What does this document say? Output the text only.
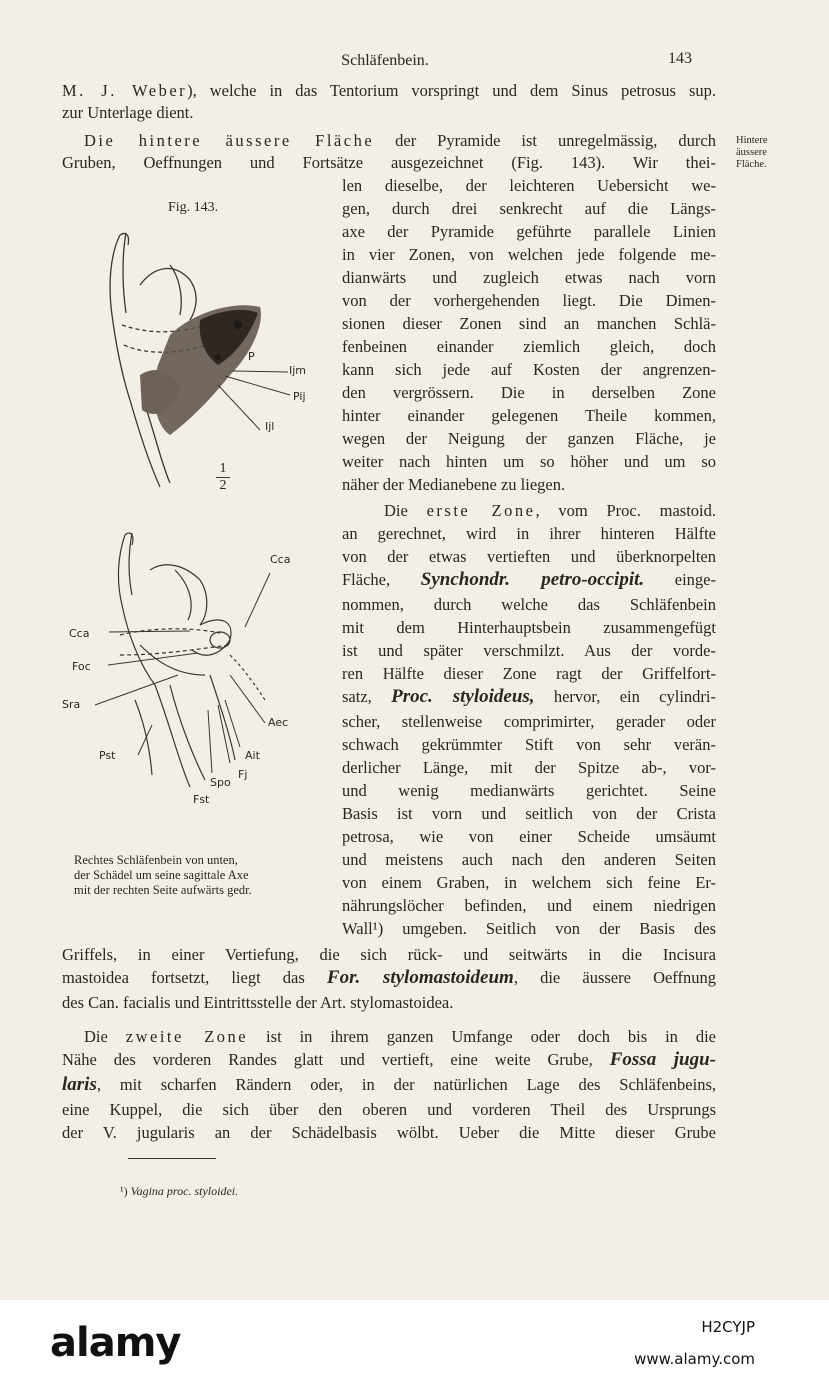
Schläfenbein.	143
M. J. Weber), welche in das Tentorium vorspringt und dem Sinus petrosus sup.
zur Unterlage dient.
Die hintere äussere Fläche der Pyramide ist unregelmässig, durch
Gruben, Oeffnungen und Fortsätze ausgezeichnet (Fig. 143). Wir thei-
Hintere
äussere
Fläche.
len dieselbe, der leichteren Uebersicht we-
gen, durch drei senkrecht auf die Längs-
axe der Pyramide geführte parallele Linien
in vier Zonen, von welchen jede folgende me-
dianwärts und zugleich etwas nach vorn
von der vorhergehenden liegt. Die Dimen-
sionen dieser Zonen sind an manchen Schlä-
fenbeinen einander ziemlich gleich, doch
kann sich jede auf Kosten der angrenzen-
den vergrössern. Die in derselben Zone
hinter einander gelegenen Theile kommen,
wegen der Neigung der ganzen Fläche, je
weiter nach hinten um so höher und um so
näher der Medianebene zu liegen.
Die erste Zone, vom Proc. mastoid.
an gerechnet, wird in ihrer hinteren Hälfte
von der etwas vertieften und überknorpelten
Fläche, Synchondr. petro-occipit. einge-
nommen, durch welche das Schläfenbein
mit dem Hinterhauptsbein zusammengefügt
ist und später verschmilzt. Aus der vorde-
ren Hälfte dieser Zone ragt der Griffelfort-
satz, Proc. styloideus, hervor, ein cylindri-
scher, stellenweise comprimirter, gerader oder
schwach gekrümmter Stift von sehr verän-
derlicher Länge, mit der Spitze ab-, vor-
und wenig medianwärts gerichtet. Seine
Basis ist vorn und seitlich von der Crista
petrosa, wie von einer Scheide umsäumt
und meistens auch nach den anderen Seiten
von einem Graben, in welchem sich feine Er-
nährungslöcher befinden, und einem niedrigen
Wall¹) umgeben. Seitlich von der Basis des
Griffels, in einer Vertiefung, die sich rück- und seitwärts in die Incisura
mastoidea fortsetzt, liegt das For. stylomastoideum, die äussere Oeffnung
des Can. facialis und Eintrittsstelle der Art. stylomastoidea.
Die zweite Zone ist in ihrem ganzen Umfange oder doch bis in die
Nähe des vorderen Randes glatt und vertieft, eine weite Grube, Fossa jugu-
laris, mit scharfen Rändern oder, in der natürlichen Lage des Schläfenbeins,
eine Kuppel, die sich über den oberen und vorderen Theil des Ursprungs
der V. jugularis an der Schädelbasis wölbt. Ueber die Mitte dieser Grube
¹) Vagina proc. styloidei.
Fig. 143.
P
Ijm
Pij
Ijl
1
2
Cca
Cca
Foc
Sra
Aec
Pst	Ait
Fj
Spo
Fst
Rechtes Schläfenbein von unten,
der Schädel um seine sagittale Axe
mit der rechten Seite aufwärts gedr.
alamy	H2CYJP
www.alamy.com
